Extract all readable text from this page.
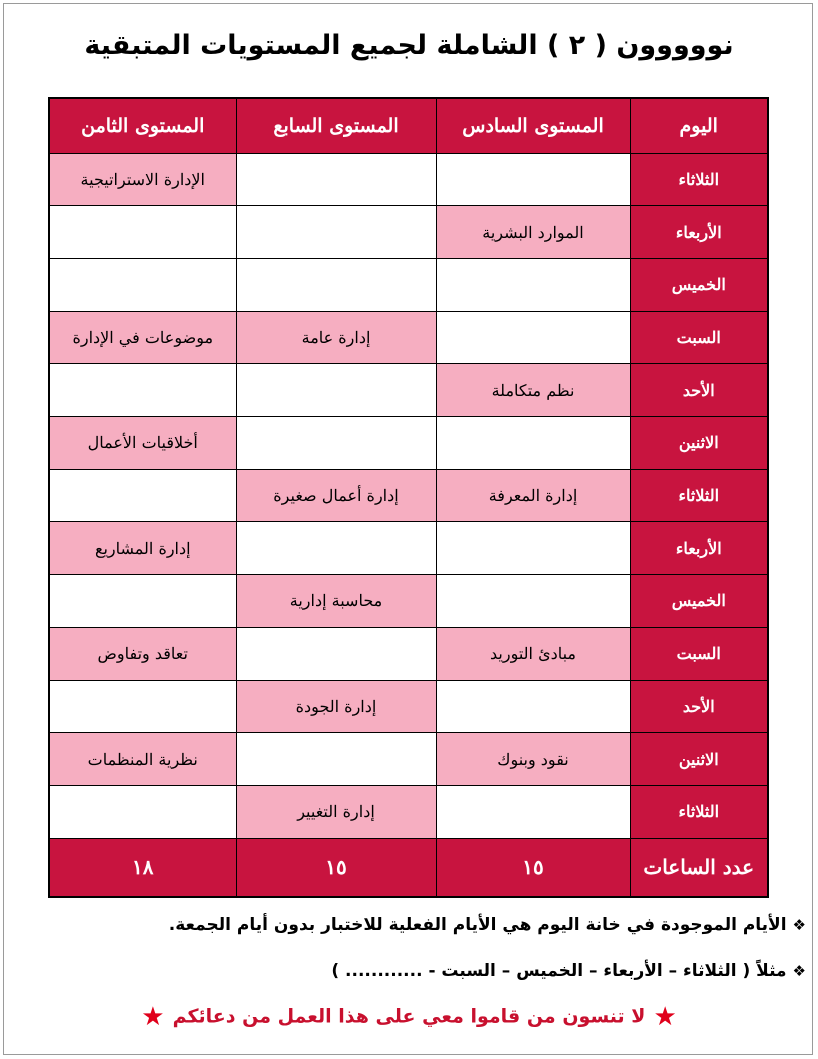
نووووون ( ٢ ) الشاملة لجميع المستويات المتبقية
اليوم	المستوى السادس	المستوى السابع	المستوى الثامن
الثلاثاء			الإدارة الاستراتيجية
الأربعاء	الموارد البشرية		
الخميس			
السبت		إدارة عامة	موضوعات في الإدارة
الأحد	نظم متكاملة		
الاثنين			أخلاقيات الأعمال
الثلاثاء	إدارة المعرفة	إدارة أعمال صغيرة	
الأربعاء			إدارة المشاريع
الخميس		محاسبة إدارية	
السبت	مبادئ التوريد		تعاقد وتفاوض
الأحد		إدارة الجودة	
الاثنين	نقود وبنوك		نظرية المنظمات
الثلاثاء		إدارة التغيير	
عدد الساعات	١٥	١٥	١٨
❖الأيام الموجودة في خانة اليوم هي الأيام الفعلية للاختبار بدون أيام الجمعة.
❖مثلاً ( الثلاثاء – الأربعاء – الخميس – السبت - ............ )
★لا تنسون من قاموا معي على هذا العمل من دعائكم★
